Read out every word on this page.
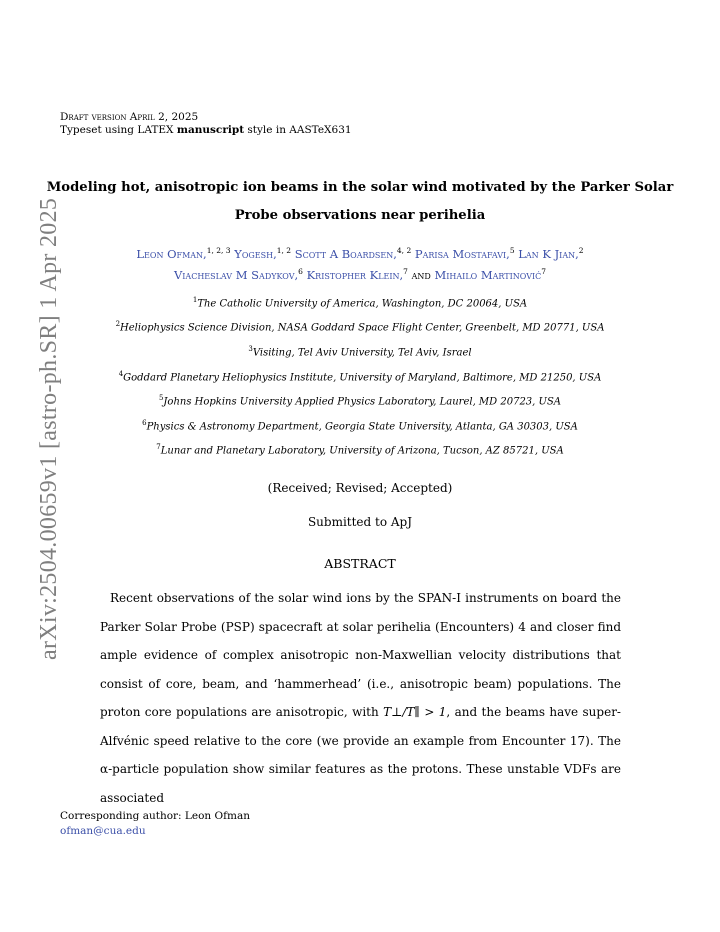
Draft version April 2, 2025
Typeset using LATEX manuscript style in AASTeX631
arXiv:2504.00659v1 [astro-ph.SR] 1 Apr 2025
Modeling hot, anisotropic ion beams in the solar wind motivated by the Parker Solar
Probe observations near perihelia
Leon Ofman,$^{1, 2, 3}$ Yogesh,$^{1, 2}$ Scott A Boardsen,$^{4, 2}$ Parisa Mostafavi,$^5$ Lan K Jian,$^2$
Viacheslav M Sadykov,$^6$ Kristopher Klein,$^7$ and Mihailo Martinović$^7$
$^1$The Catholic University of America, Washington, DC 20064, USA
$^2$Heliophysics Science Division, NASA Goddard Space Flight Center, Greenbelt, MD 20771, USA
$^3$Visiting, Tel Aviv University, Tel Aviv, Israel
$^4$Goddard Planetary Heliophysics Institute, University of Maryland, Baltimore, MD 21250, USA
$^5$Johns Hopkins University Applied Physics Laboratory, Laurel, MD 20723, USA
$^6$Physics & Astronomy Department, Georgia State University, Atlanta, GA 30303, USA
$^7$Lunar and Planetary Laboratory, University of Arizona, Tucson, AZ 85721, USA
(Received; Revised; Accepted)
Submitted to ApJ
ABSTRACT

Recent observations of the solar wind ions by the SPAN-I instruments on board the Parker Solar Probe (PSP) spacecraft at solar perihelia (Encounters) 4 and closer find ample evidence of complex anisotropic non-Maxwellian velocity distributions that consist of core, beam, and ‘hammerhead’ (i.e., anisotropic beam) populations. The proton core populations are anisotropic, with T⊥/T∥ > 1, and the beams have super-Alfvénic speed relative to the core (we provide an example from Encounter 17). The α-particle population show similar features as the protons. These unstable VDFs are associated

Corresponding author: Leon Ofman
ofman@cua.edu
